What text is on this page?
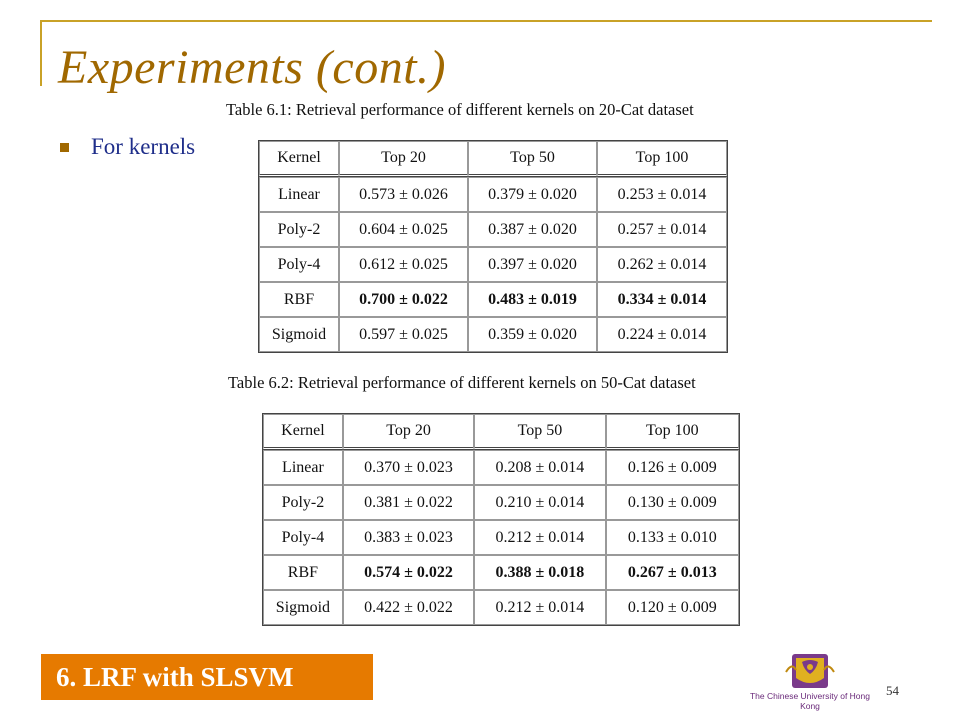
Experiments (cont.)
For kernels

Table 6.1: Retrieval performance of different kernels on 20-Cat dataset

Kernel	Top 20	Top 50	Top 100
Linear	0.573 ± 0.026	0.379 ± 0.020	0.253 ± 0.014
Poly-2	0.604 ± 0.025	0.387 ± 0.020	0.257 ± 0.014
Poly-4	0.612 ± 0.025	0.397 ± 0.020	0.262 ± 0.014
RBF	0.700 ± 0.022	0.483 ± 0.019	0.334 ± 0.014
Sigmoid	0.597 ± 0.025	0.359 ± 0.020	0.224 ± 0.014

Table 6.2: Retrieval performance of different kernels on 50-Cat dataset

Kernel	Top 20	Top 50	Top 100
Linear	0.370 ± 0.023	0.208 ± 0.014	0.126 ± 0.009
Poly-2	0.381 ± 0.022	0.210 ± 0.014	0.130 ± 0.009
Poly-4	0.383 ± 0.023	0.212 ± 0.014	0.133 ± 0.010
RBF	0.574 ± 0.022	0.388 ± 0.018	0.267 ± 0.013
Sigmoid	0.422 ± 0.022	0.212 ± 0.014	0.120 ± 0.009
6. LRF with SLSVM

The Chinese University of Hong Kong

54
